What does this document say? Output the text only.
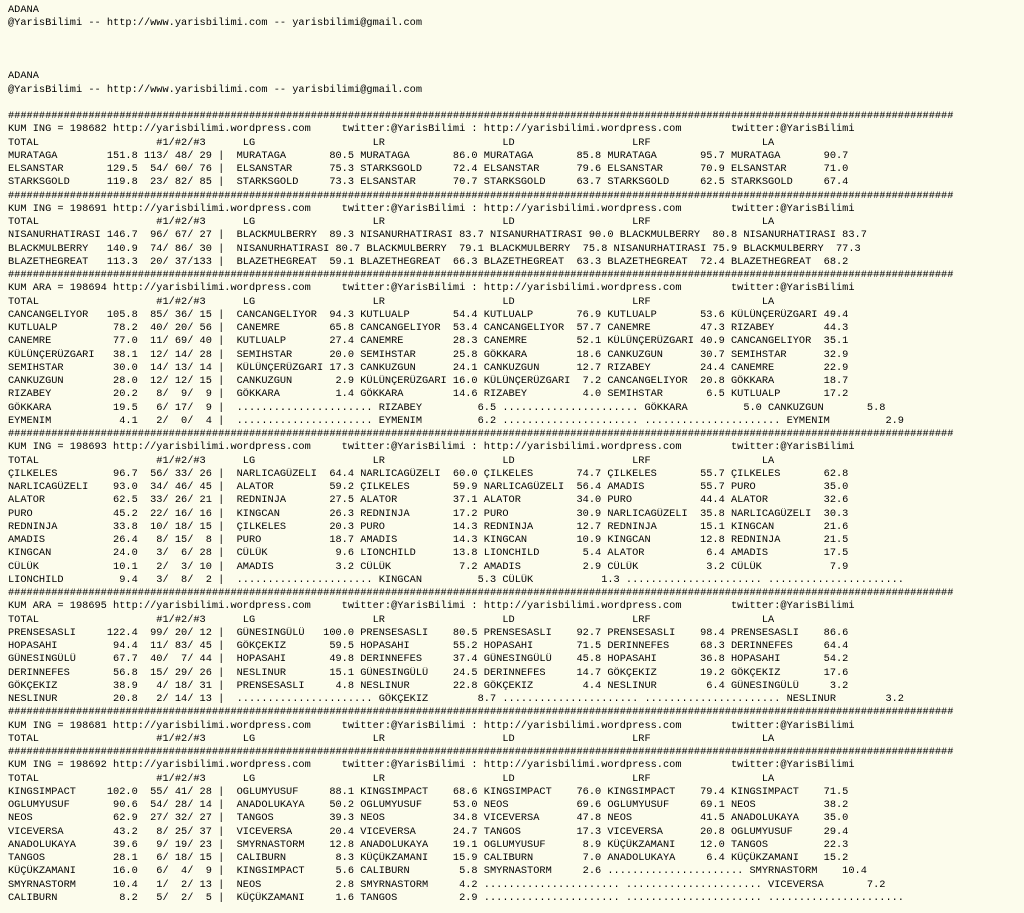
ADANA
@YarisBilimi -- http://www.yarisbilimi.com -- yarisbilimi@gmail.com
ADANA
@YarisBilimi -- http://www.yarisbilimi.com -- yarisbilimi@gmail.com
#########################################################################################################################################################
KUM ING = 198682 http://yarisbilimi.wordpress.com     twitter:@YarisBilimi : http://yarisbilimi.wordpress.com        twitter:@YarisBilimi
TOTAL                   #1/#2/#3      LG                   LR                   LD                   LRF                  LA
MURATAGA        151.8 113/ 48/ 29 |  MURATAGA       80.5 MURATAGA       86.0 MURATAGA       85.8 MURATAGA       95.7 MURATAGA       90.7
ELSANSTAR       129.5  54/ 60/ 76 |  ELSANSTAR      75.3 STARKSGOLD     72.4 ELSANSTAR      79.6 ELSANSTAR      70.9 ELSANSTAR      71.0
STARKSGOLD      119.8  23/ 82/ 85 |  STARKSGOLD     73.3 ELSANSTAR      70.7 STARKSGOLD     63.7 STARKSGOLD     62.5 STARKSGOLD     67.4
#########################################################################################################################################################
KUM ING = 198691 http://yarisbilimi.wordpress.com     twitter:@YarisBilimi : http://yarisbilimi.wordpress.com        twitter:@YarisBilimi
TOTAL                   #1/#2/#3      LG                   LR                   LD                   LRF                  LA
NISANURHATIRASI 146.7  96/ 67/ 27 |  BLACKMULBERRY  89.3 NISANURHATIRASI 83.7 NISANURHATIRASI 90.0 BLACKMULBERRY  80.8 NISANURHATIRASI 83.7
BLACKMULBERRY   140.9  74/ 86/ 30 |  NISANURHATIRASI 80.7 BLACKMULBERRY  79.1 BLACKMULBERRY  75.8 NISANURHATIRASI 75.9 BLACKMULBERRY  77.3
BLAZETHEGREAT   113.3  20/ 37/133 |  BLAZETHEGREAT  59.1 BLAZETHEGREAT  66.3 BLAZETHEGREAT  63.3 BLAZETHEGREAT  72.4 BLAZETHEGREAT  68.2
#########################################################################################################################################################
KUM ARA = 198694 http://yarisbilimi.wordpress.com     twitter:@YarisBilimi : http://yarisbilimi.wordpress.com        twitter:@YarisBilimi
TOTAL                   #1/#2/#3      LG                   LR                   LD                   LRF                  LA
CANCANGELIYOR   105.8  85/ 36/ 15 |  CANCANGELIYOR  94.3 KUTLUALP       54.4 KUTLUALP       76.9 KUTLUALP       53.6 KÜLÜNÇERÜZGARI 49.4
KUTLUALP         78.2  40/ 20/ 56 |  CANEMRE        65.8 CANCANGELIYOR  53.4 CANCANGELIYOR  57.7 CANEMRE        47.3 RIZABEY        44.3
CANEMRE          77.0  11/ 69/ 40 |  KUTLUALP       27.4 CANEMRE        28.3 CANEMRE        52.1 KÜLÜNÇERÜZGARI 40.9 CANCANGELIYOR  35.1
KÜLÜNÇERÜZGARI   38.1  12/ 14/ 28 |  SEMIHSTAR      20.0 SEMIHSTAR      25.8 GÖKKARA        18.6 CANKUZGUN      30.7 SEMIHSTAR      32.9
SEMIHSTAR        30.0  14/ 13/ 14 |  KÜLÜNÇERÜZGARI 17.3 CANKUZGUN      24.1 CANKUZGUN      12.7 RIZABEY        24.4 CANEMRE        22.9
CANKUZGUN        28.0  12/ 12/ 15 |  CANKUZGUN       2.9 KÜLÜNÇERÜZGARI 16.0 KÜLÜNÇERÜZGARI  7.2 CANCANGELIYOR  20.8 GÖKKARA        18.7
RIZABEY          20.2   8/  9/  9 |  GÖKKARA         1.4 GÖKKARA        14.6 RIZABEY         4.0 SEMIHSTAR       6.5 KUTLUALP       17.2
GÖKKARA          19.5   6/ 17/  9 |  ...................... RIZABEY         6.5 ...................... GÖKKARA         5.0 CANKUZGUN       5.8
EYMENIM           4.1   2/  0/  4 |  ...................... EYMENIM         6.2 ...................... ...................... EYMENIM         2.9
#########################################################################################################################################################
KUM ING = 198693 http://yarisbilimi.wordpress.com     twitter:@YarisBilimi : http://yarisbilimi.wordpress.com        twitter:@YarisBilimi
TOTAL                   #1/#2/#3      LG                   LR                   LD                   LRF                  LA
ÇILKELES         96.7  56/ 33/ 26 |  NARLICAGÜZELI  64.4 NARLICAGÜZELI  60.0 ÇILKELES       74.7 ÇILKELES       55.7 ÇILKELES       62.8
NARLICAGÜZELI    93.0  34/ 46/ 45 |  ALATOR         59.2 ÇILKELES       59.9 NARLICAGÜZELI  56.4 AMADIS         55.7 PURO           35.0
ALATOR           62.5  33/ 26/ 21 |  REDNINJA       27.5 ALATOR         37.1 ALATOR         34.0 PURO           44.4 ALATOR         32.6
PURO             45.2  22/ 16/ 16 |  KINGCAN        26.3 REDNINJA       17.2 PURO           30.9 NARLICAGÜZELI  35.8 NARLICAGÜZELI  30.3
REDNINJA         33.8  10/ 18/ 15 |  ÇILKELES       20.3 PURO           14.3 REDNINJA       12.7 REDNINJA       15.1 KINGCAN        21.6
AMADIS           26.4   8/ 15/  8 |  PURO           18.7 AMADIS         14.3 KINGCAN        10.9 KINGCAN        12.8 REDNINJA       21.5
KINGCAN          24.0   3/  6/ 28 |  CÜLÜK           9.6 LIONCHILD      13.8 LIONCHILD       5.4 ALATOR          6.4 AMADIS         17.5
CÜLÜK            10.1   2/  3/ 10 |  AMADIS          3.2 CÜLÜK           7.2 AMADIS          2.9 CÜLÜK           3.2 CÜLÜK           7.9
LIONCHILD         9.4   3/  8/  2 |  ...................... KINGCAN         5.3 CÜLÜK           1.3 ...................... ......................
#########################################################################################################################################################
KUM ARA = 198695 http://yarisbilimi.wordpress.com     twitter:@YarisBilimi : http://yarisbilimi.wordpress.com        twitter:@YarisBilimi
TOTAL                   #1/#2/#3      LG                   LR                   LD                   LRF                  LA
PRENSESASLI     122.4  99/ 20/ 12 |  GÜNESINGÜLÜ   100.0 PRENSESASLI    80.5 PRENSESASLI    92.7 PRENSESASLI    98.4 PRENSESASLI    86.6
HOPASAHI         94.4  11/ 83/ 45 |  GÖKÇEKIZ       59.5 HOPASAHI       55.2 HOPASAHI       71.5 DERINNEFES     68.3 DERINNEFES     64.4
GÜNESINGÜLÜ      67.7  40/  7/ 44 |  HOPASAHI       49.8 DERINNEFES     37.4 GÜNESINGÜLÜ    45.8 HOPASAHI       36.8 HOPASAHI       54.2
DERINNEFES       56.8  15/ 29/ 26 |  NESLINUR       15.1 GÜNESINGÜLÜ    24.5 DERINNEFES     14.7 GÖKÇEKIZ       19.2 GÖKÇEKIZ       17.6
GÖKÇEKIZ         38.9   4/ 18/ 31 |  PRENSESASLI     4.8 NESLINUR       22.8 GÖKÇEKIZ        4.4 NESLINUR        6.4 GÜNESINGÜLÜ     3.2
NESLINUR         20.8   2/ 14/ 13 |  ...................... GÖKÇEKIZ        8.7 ...................... ...................... NESLINUR        3.2
#########################################################################################################################################################
KUM ING = 198681 http://yarisbilimi.wordpress.com     twitter:@YarisBilimi : http://yarisbilimi.wordpress.com        twitter:@YarisBilimi
TOTAL                   #1/#2/#3      LG                   LR                   LD                   LRF                  LA
#########################################################################################################################################################
KUM ING = 198692 http://yarisbilimi.wordpress.com     twitter:@YarisBilimi : http://yarisbilimi.wordpress.com        twitter:@YarisBilimi
TOTAL                   #1/#2/#3      LG                   LR                   LD                   LRF                  LA
KINGSIMPACT     102.0  55/ 41/ 28 |  OGLUMYUSUF     88.1 KINGSIMPACT    68.6 KINGSIMPACT    76.0 KINGSIMPACT    79.4 KINGSIMPACT    71.5
OGLUMYUSUF       90.6  54/ 28/ 14 |  ANADOLUKAYA    50.2 OGLUMYUSUF     53.0 NEOS           69.6 OGLUMYUSUF     69.1 NEOS           38.2
NEOS             62.9  27/ 32/ 27 |  TANGOS         39.3 NEOS           34.8 VICEVERSA      47.8 NEOS           41.5 ANADOLUKAYA    35.0
VICEVERSA        43.2   8/ 25/ 37 |  VICEVERSA      20.4 VICEVERSA      24.7 TANGOS         17.3 VICEVERSA      20.8 OGLUMYUSUF     29.4
ANADOLUKAYA      39.6   9/ 19/ 23 |  SMYRNASTORM    12.8 ANADOLUKAYA    19.1 OGLUMYUSUF      8.9 KÜÇÜKZAMANI    12.0 TANGOS         22.3
TANGOS           28.1   6/ 18/ 15 |  CALIBURN        8.3 KÜÇÜKZAMANI    15.9 CALIBURN        7.0 ANADOLUKAYA     6.4 KÜÇÜKZAMANI    15.2
KÜÇÜKZAMANI      16.0   6/  4/  9 |  KINGSIMPACT     5.6 CALIBURN        5.8 SMYRNASTORM     2.6 ...................... SMYRNASTORM    10.4
SMYRNASTORM      10.4   1/  2/ 13 |  NEOS            2.8 SMYRNASTORM     4.2 ...................... ...................... VICEVERSA       7.2
CALIBURN          8.2   5/  2/  5 |  KÜÇÜKZAMANI     1.6 TANGOS          2.9 ...................... ...................... ......................
